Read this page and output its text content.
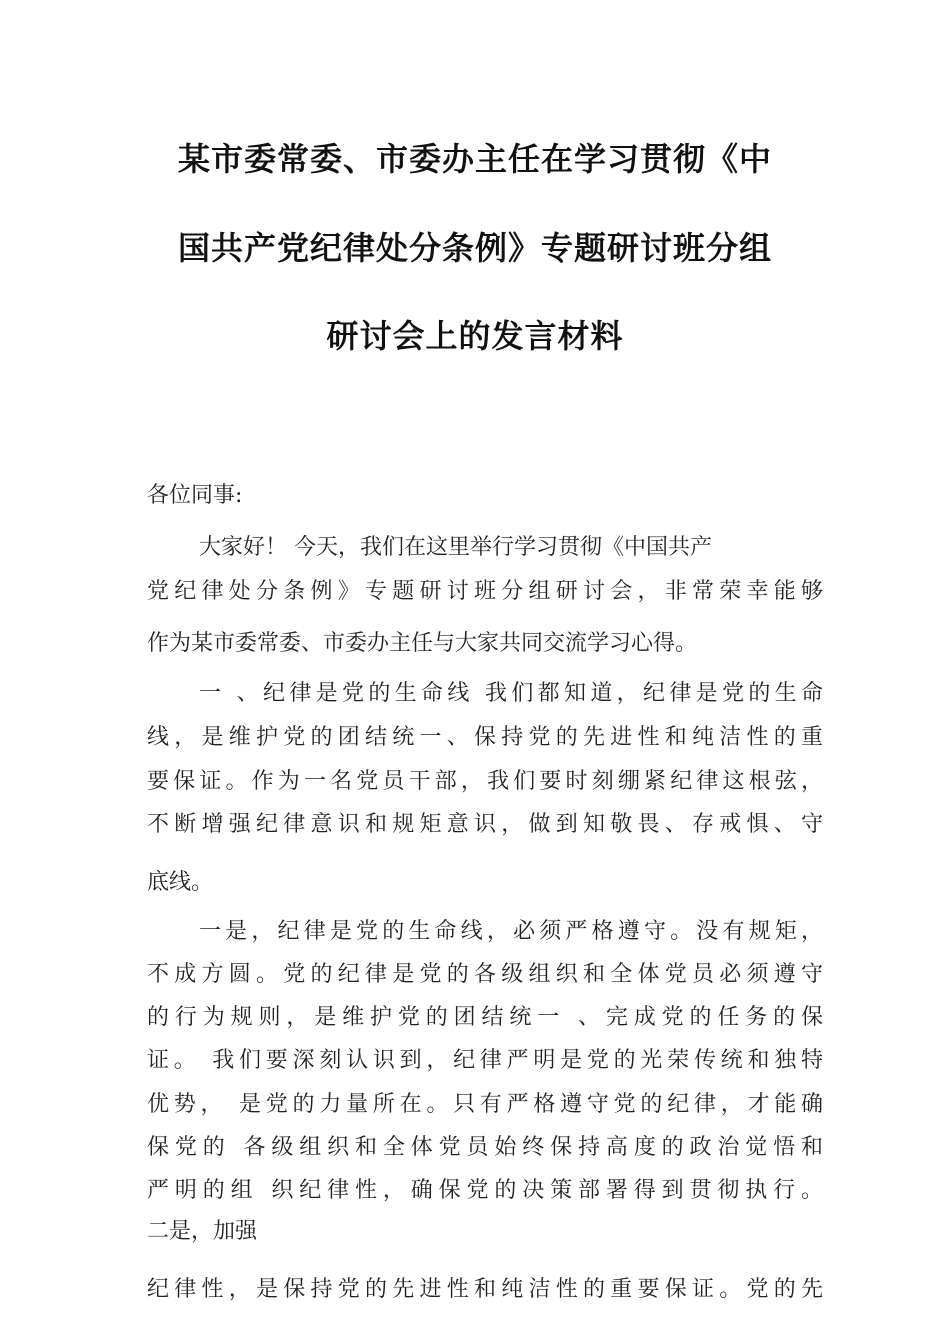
某市委常委、市委办主任在学习贯彻《中
国共产党纪律处分条例》专题研讨班分组
研讨会上的发言材料
各位同事:
大家好！ 今天，我们在这里举行学习贯彻《中国共产
党纪律处分条例》专题研讨班分组研讨会，非常荣幸能够
作为某市委常委、市委办主任与大家共同交流学习心得。
一 、纪律是党的生命线 我们都知道，纪律是党的生命
线，是维护党的团结统一、保持党的先进性和纯洁性的重
要保证。作为一名党员干部，我们要时刻绷紧纪律这根弦，
不断增强纪律意识和规矩意识，做到知敬畏、存戒惧、守
底线。
一是，纪律是党的生命线，必须严格遵守。没有规矩，
不成方圆。党的纪律是党的各级组织和全体党员必须遵守
的行为规则，是维护党的团结统一 、完成党的任务的保
证。 我们要深刻认识到，纪律严明是党的光荣传统和独特
优势， 是党的力量所在。只有严格遵守党的纪律，才能确
保党的 各级组织和全体党员始终保持高度的政治觉悟和
严明的组 织纪律性，确保党的决策部署得到贯彻执行。
二是，加强
纪律性，是保持党的先进性和纯洁性的重要保证。党的先
